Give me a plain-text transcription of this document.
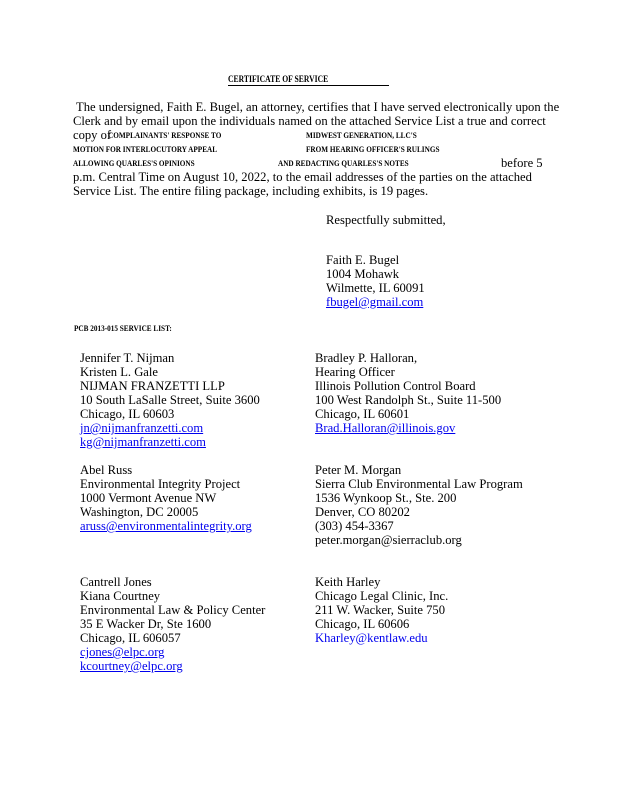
CERTIFICATE OF SERVICE
The undersigned, Faith E. Bugel, an attorney, certifies that I have served electronically upon the
Clerk and by email upon the individuals named on the attached Service List a true and correct
copy of
COMPLAINANTS' RESPONSE TO
MOTION FOR INTERLOCUTORY APPEAL
ALLOWING QUARLES'S OPINIONS
MIDWEST GENERATION, LLC'S
FROM HEARING OFFICER'S RULINGS
AND REDACTING QUARLES'S NOTES	before 5
p.m. Central Time on August 10, 2022, to the email addresses of the parties on the attached
Service List. The entire filing package, including exhibits, is 19 pages.
Respectfully submitted,
Faith E. Bugel
1004 Mohawk
Wilmette, IL 60091
fbugel@gmail.com
PCB 2013-015 SERVICE LIST:
Jennifer T. Nijman
Kristen L. Gale
NIJMAN FRANZETTI LLP
10 South LaSalle Street, Suite 3600
Chicago, IL 60603
jn@nijmanfranzetti.com
kg@nijmanfranzetti.com
Bradley P. Halloran,
Hearing Officer
Illinois Pollution Control Board
100 West Randolph St., Suite 11-500
Chicago, IL 60601
Brad.Halloran@illinois.gov
Abel Russ
Environmental Integrity Project
1000 Vermont Avenue NW
Washington, DC 20005
aruss@environmentalintegrity.org
Peter M. Morgan
Sierra Club Environmental Law Program
1536 Wynkoop St., Ste. 200
Denver, CO 80202
(303) 454-3367
peter.morgan@sierraclub.org
Cantrell Jones
Kiana Courtney
Environmental Law & Policy Center
35 E Wacker Dr, Ste 1600
Chicago, IL 606057
cjones@elpc.org
kcourtney@elpc.org
Keith Harley
Chicago Legal Clinic, Inc.
211 W. Wacker, Suite 750
Chicago, IL 60606
Kharley@kentlaw.edu
